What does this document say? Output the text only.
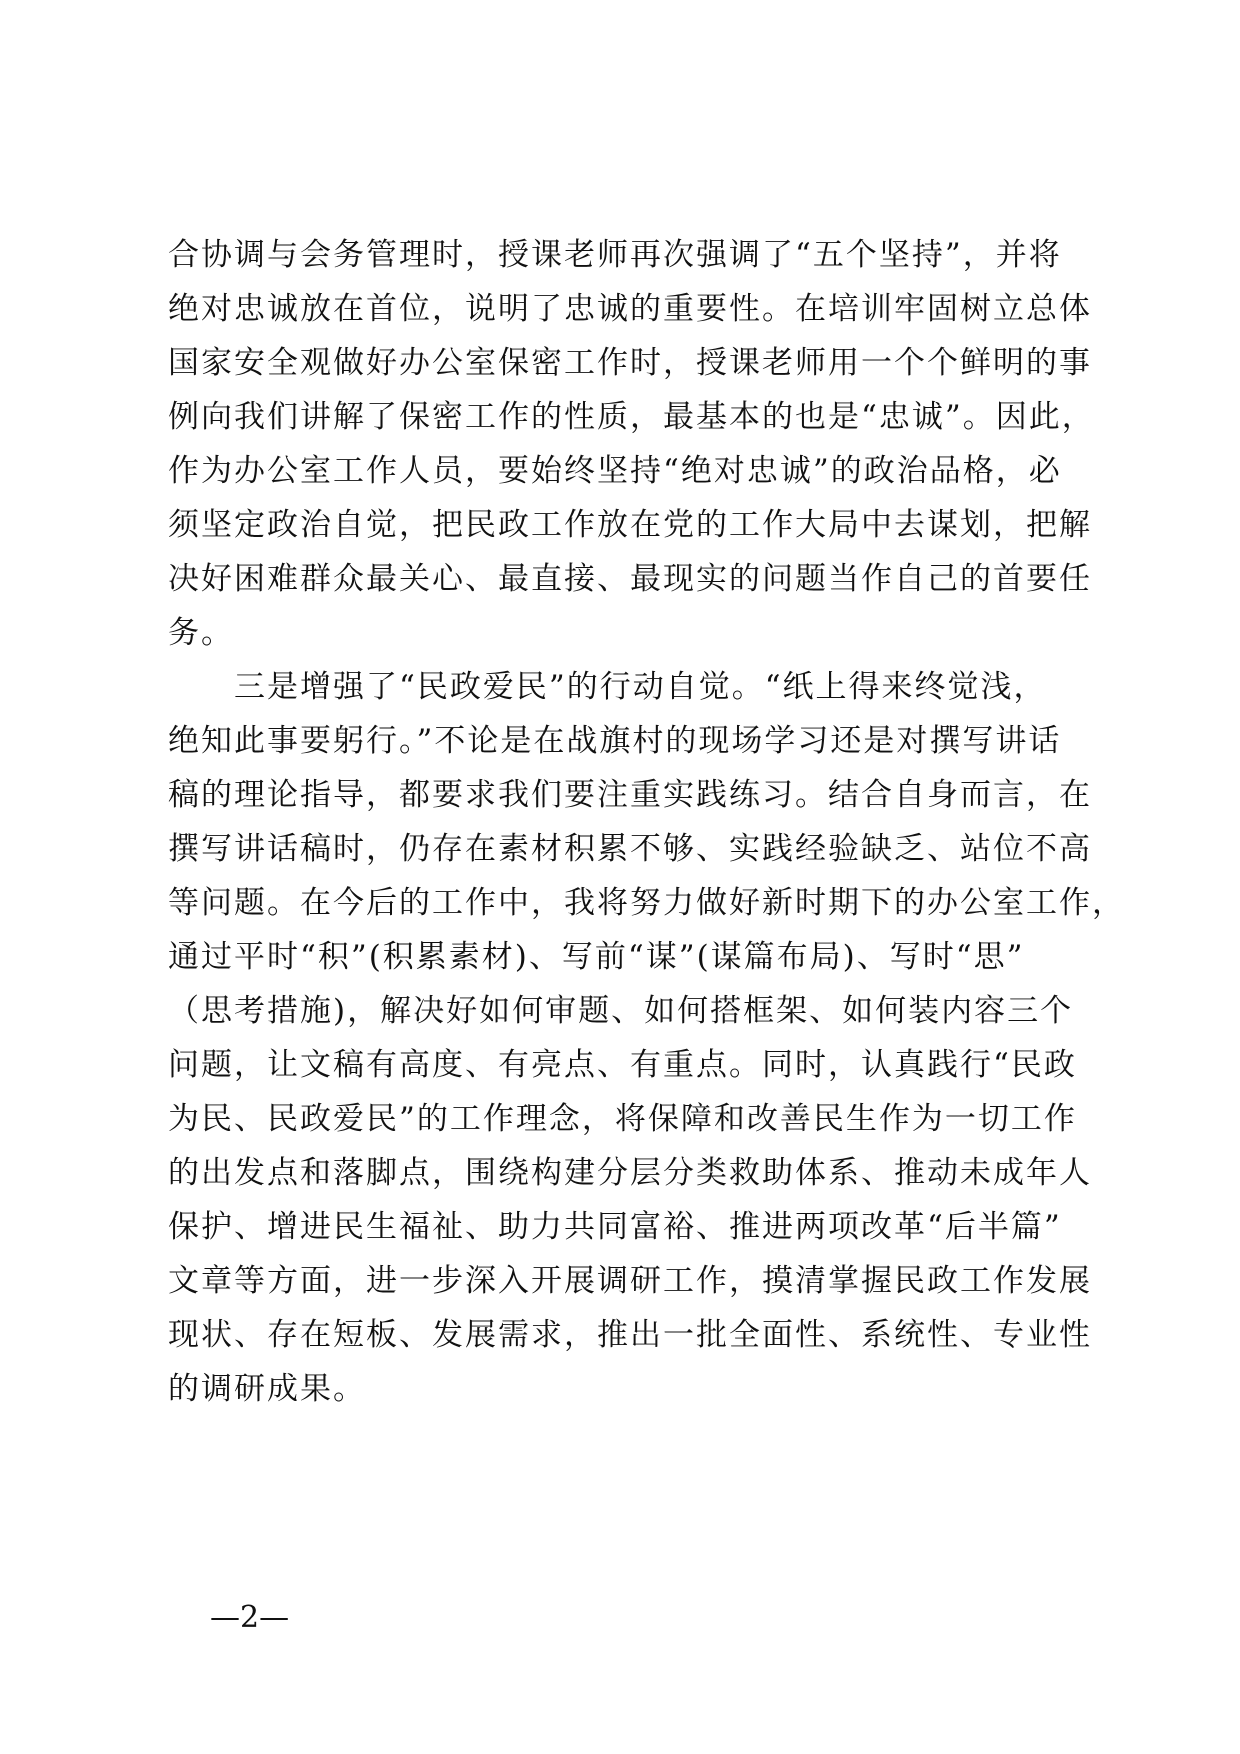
合协调与会务管理时，授课老师再次强调了“五个坚持”，并将
绝对忠诚放在首位，说明了忠诚的重要性。在培训牢固树立总体
国家安全观做好办公室保密工作时，授课老师用一个个鲜明的事
例向我们讲解了保密工作的性质，最基本的也是“忠诚”。因此，
作为办公室工作人员，要始终坚持“绝对忠诚”的政治品格，必
须坚定政治自觉，把民政工作放在党的工作大局中去谋划，把解
决好困难群众最关心、最直接、最现实的问题当作自己的首要任
务。
　　三是增强了“民政爱民”的行动自觉。“纸上得来终觉浅，
绝知此事要躬行。”不论是在战旗村的现场学习还是对撰写讲话
稿的理论指导，都要求我们要注重实践练习。结合自身而言，在
撰写讲话稿时，仍存在素材积累不够、实践经验缺乏、站位不高
等问题。在今后的工作中，我将努力做好新时期下的办公室工作，
通过平时“积”(积累素材)、写前“谋”(谋篇布局)、写时“思”
（思考措施)，解决好如何审题、如何搭框架、如何装内容三个
问题，让文稿有高度、有亮点、有重点。同时，认真践行“民政
为民、民政爱民”的工作理念，将保障和改善民生作为一切工作
的出发点和落脚点，围绕构建分层分类救助体系、推动未成年人
保护、增进民生福祉、助力共同富裕、推进两项改革“后半篇”
文章等方面，进一步深入开展调研工作，摸清掌握民政工作发展
现状、存在短板、发展需求，推出一批全面性、系统性、专业性
的调研成果。
—2—
